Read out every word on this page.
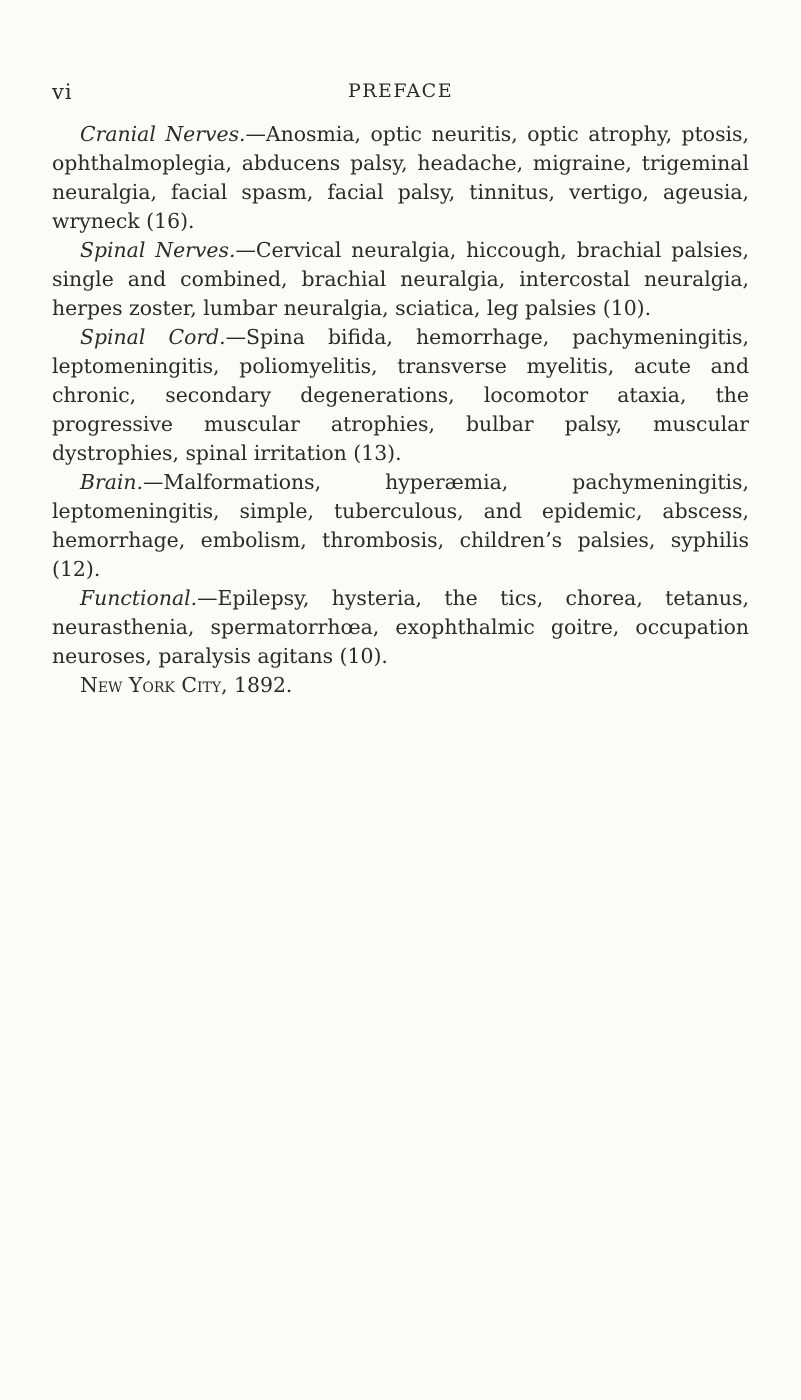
vi	PREFACE

Cranial Nerves.—Anosmia, optic neuritis, optic atrophy, ptosis, ophthalmoplegia, abducens palsy, headache, migraine, trigeminal neuralgia, facial spasm, facial palsy, tinnitus, vertigo, ageusia, wryneck (16).

Spinal Nerves.—Cervical neuralgia, hiccough, brachial palsies, single and combined, brachial neuralgia, intercostal neuralgia, herpes zoster, lumbar neuralgia, sciatica, leg palsies (10).

Spinal Cord.—Spina bifida, hemorrhage, pachymeningitis, leptomeningitis, poliomyelitis, transverse myelitis, acute and chronic, secondary degenerations, locomotor ataxia, the progressive muscular atrophies, bulbar palsy, muscular dystrophies, spinal irritation (13).

Brain.—Malformations, hyperæmia, pachymeningitis, leptomeningitis, simple, tuberculous, and epidemic, abscess, hemorrhage, embolism, thrombosis, children’s palsies, syphilis (12).

Functional.—Epilepsy, hysteria, the tics, chorea, tetanus, neurasthenia, spermatorrhœa, exophthalmic goitre, occupation neuroses, paralysis agitans (10).

New York City, 1892.
